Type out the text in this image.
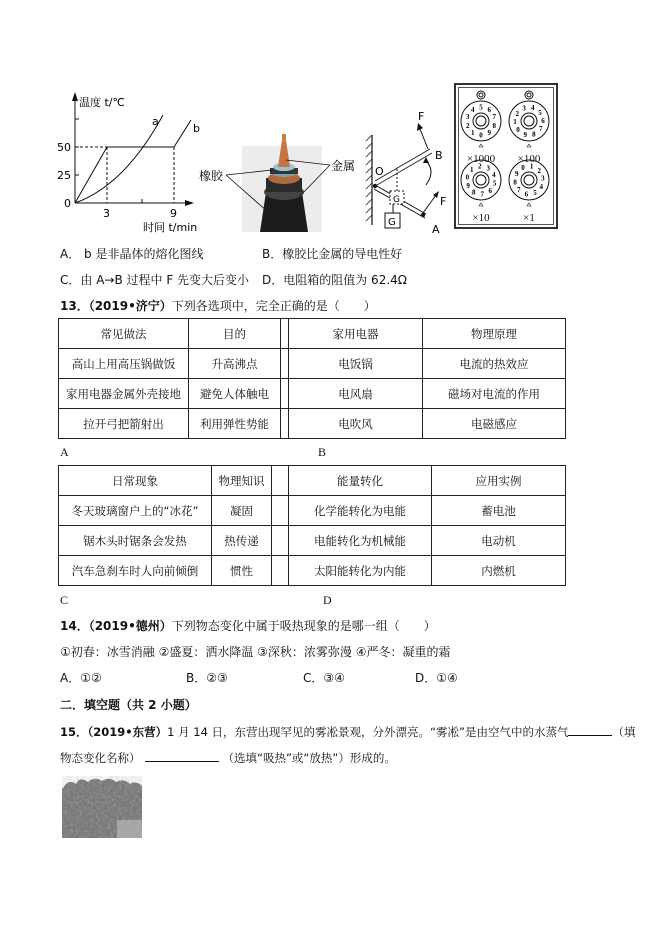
温度 t/℃
50
25
0
3	9
时间 t/min
a
b
橡胶
金属
F
B
O
G
G
F
A
0
1
2
3
4 5 6
7
8
9	0
1
2
3 4
5
6
7
8
9
0
1 2 3
4
5
6
7
8
9
0 1
2
3
4
5
6
7
8
9
×1000	×100
×10	×1
A． b 是非晶体的熔化图线	B．橡胶比金属的导电性好
C．由 A→B 过程中 F 先变大后变小 D．电阻箱的阻值为 62.4Ω
13．（2019•济宁）下列各选项中，完全正确的是（　　）
常见做法	目的		家用电器	物理原理
高山上用高压锅做饭	升高沸点		电饭锅	电流的热效应
家用电器金属外壳接地	避免人体触电		电风扇	磁场对电流的作用
拉开弓把箭射出	利用弹性势能		电吹风	电磁感应
A	B
日常现象	物理知识		能量转化	应用实例
冬天玻璃窗户上的“冰花”	凝固		化学能转化为电能	蓄电池
锯木头时锯条会发热	热传递		电能转化为机械能	电动机
汽车急刹车时人向前倾倒	惯性		太阳能转化为内能	内燃机
C	D
14．（2019•德州）下列物态变化中属于吸热现象的是哪一组（　　）
①初春：冰雪消融 ②盛夏：洒水降温 ③深秋：浓雾弥漫 ④严冬：凝重的霜
A．①②	B．②③	C．③④	D．①④
二．填空题（共 2 小题）
15．（2019•东营）1 月 14 日，东营出现罕见的雾凇景观，分外漂亮。“雾凇”是由空气中的水蒸气	（填
物态变化名称）	（选填“吸热”或“放热”）形成的。
